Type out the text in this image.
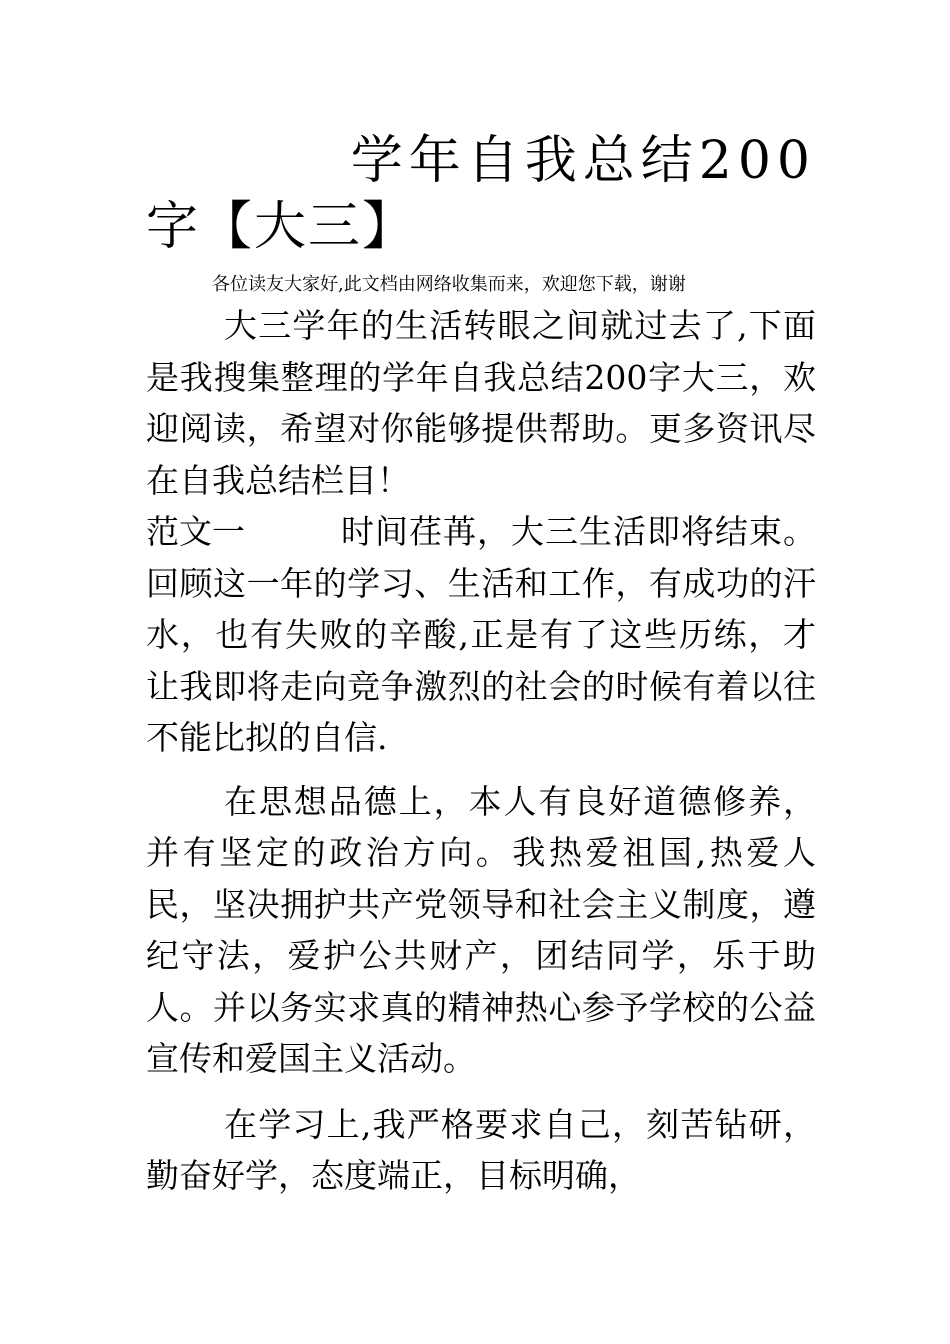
学年自我总结200
字【大三】
各位读友大家好,此文档由网络收集而来，欢迎您下载，谢谢

大三学年的生活转眼之间就过去了,下面是我搜集整理的学年自我总结200字大三，欢迎阅读，希望对你能够提供帮助。更多资讯尽在自我总结栏目！

范文一	时间荏苒，大三生活即将结束。回顾这一年的学习、生活和工作，有成功的汗水，也有失败的辛酸,正是有了这些历练，才让我即将走向竞争激烈的社会的时候有着以往不能比拟的自信.

在思想品德上，本人有良好道德修养，并有坚定的政治方向。我热爱祖国,热爱人民，坚决拥护共产党领导和社会主义制度，遵纪守法，爱护公共财产，团结同学，乐于助人。并以务实求真的精神热心参予学校的公益宣传和爱国主义活动。

在学习上,我严格要求自己，刻苦钻研，勤奋好学，态度端正，目标明确，
